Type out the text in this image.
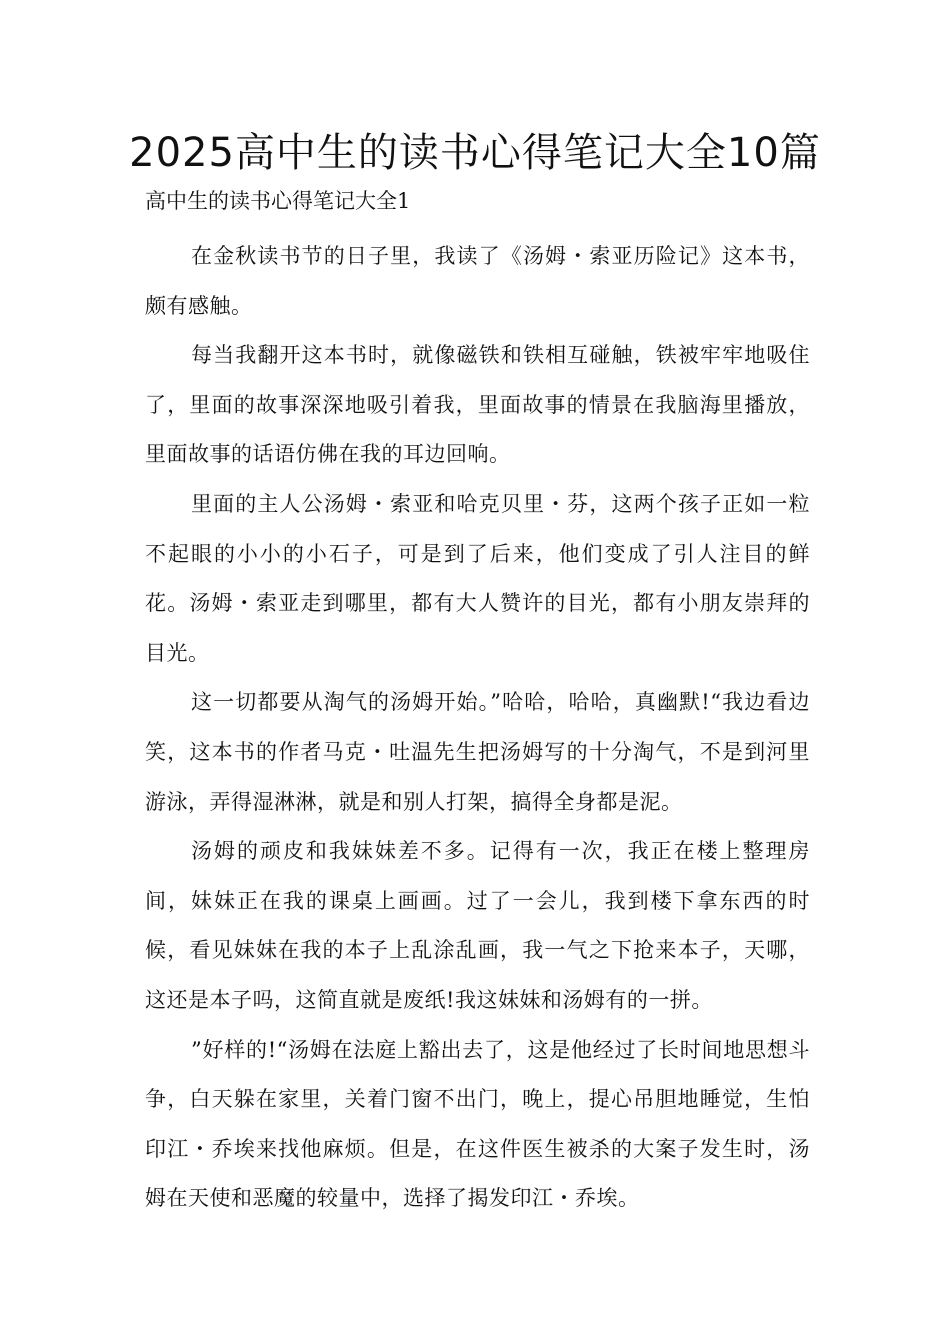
2025高中生的读书心得笔记大全10篇

高中生的读书心得笔记大全1

在金秋读书节的日子里，我读了《汤姆・索亚历险记》这本书，颇有感触。

每当我翻开这本书时，就像磁铁和铁相互碰触，铁被牢牢地吸住了，里面的故事深深地吸引着我，里面故事的情景在我脑海里播放，里面故事的话语仿佛在我的耳边回响。

里面的主人公汤姆・索亚和哈克贝里・芬，这两个孩子正如一粒不起眼的小小的小石子，可是到了后来，他们变成了引人注目的鲜花。汤姆・索亚走到哪里，都有大人赞许的目光，都有小朋友崇拜的目光。

这一切都要从淘气的汤姆开始。”哈哈，哈哈，真幽默!“我边看边笑，这本书的作者马克・吐温先生把汤姆写的十分淘气，不是到河里游泳，弄得湿淋淋，就是和别人打架，搞得全身都是泥。

汤姆的顽皮和我妹妹差不多。记得有一次，我正在楼上整理房间，妹妹正在我的课桌上画画。过了一会儿，我到楼下拿东西的时候，看见妹妹在我的本子上乱涂乱画，我一气之下抢来本子，天哪，这还是本子吗，这简直就是废纸!我这妹妹和汤姆有的一拼。

”好样的!“汤姆在法庭上豁出去了，这是他经过了长时间地思想斗争，白天躲在家里，关着门窗不出门，晚上，提心吊胆地睡觉，生怕印江・乔埃来找他麻烦。但是，在这件医生被杀的大案子发生时，汤姆在天使和恶魔的较量中，选择了揭发印江・乔埃。
